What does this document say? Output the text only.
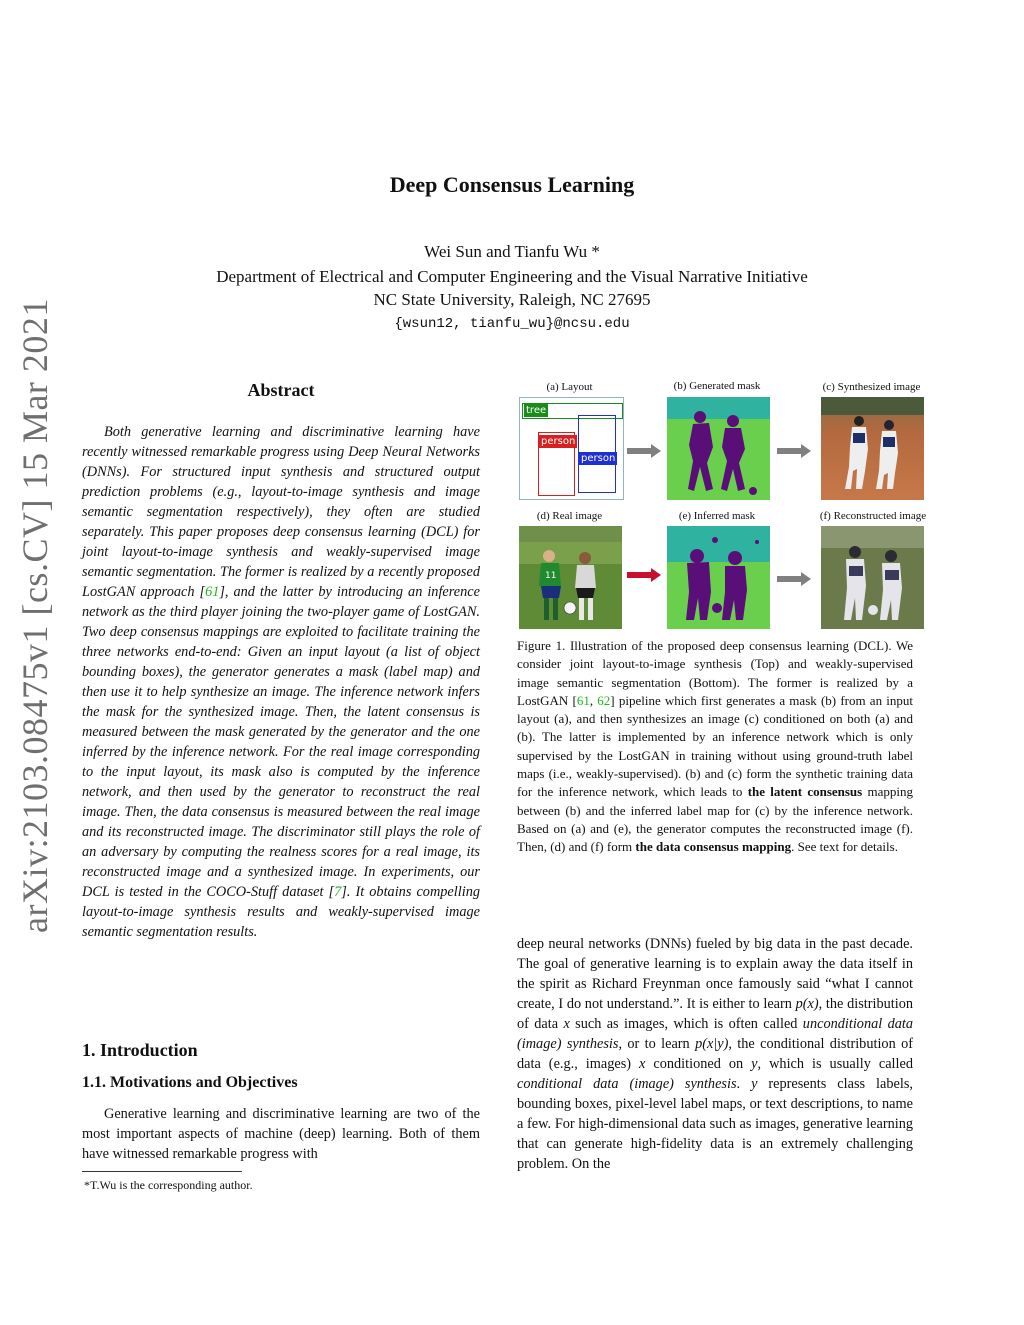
Deep Consensus Learning
Wei Sun and Tianfu Wu *
Department of Electrical and Computer Engineering and the Visual Narrative Initiative
NC State University, Raleigh, NC 27695
{wsun12, tianfu_wu}@ncsu.edu
arXiv:2103.08475v1 [cs.CV] 15 Mar 2021	Abstract
Both generative learning and discriminative learning have recently witnessed remarkable progress using Deep Neural Networks (DNNs). For structured input synthesis and structured output prediction problems (e.g., layout-to-image synthesis and image semantic segmentation respectively), they often are studied separately. This paper proposes deep consensus learning (DCL) for joint layout-to-image synthesis and weakly-supervised image semantic segmentation. The former is realized by a recently proposed LostGAN approach [61], and the latter by introducing an inference network as the third player joining the two-player game of LostGAN. Two deep consensus mappings are exploited to facilitate training the three networks end-to-end: Given an input layout (a list of object bounding boxes), the generator generates a mask (label map) and then use it to help synthesize an image. The inference network infers the mask for the synthesized image. Then, the latent consensus is measured between the mask generated by the generator and the one inferred by the inference network. For the real image corresponding to the input layout, its mask also is computed by the inference network, and then used by the generator to reconstruct the real image. Then, the data consensus is measured between the real image and its reconstructed image. The discriminator still plays the role of an adversary by computing the realness scores for a real image, its reconstructed image and a synthesized image. In experiments, our DCL is tested in the COCO-Stuff dataset [7]. It obtains compelling layout-to-image synthesis results and weakly-supervised image semantic segmentation results.
1. Introduction
1.1. Motivations and Objectives
Generative learning and discriminative learning are two of the most important aspects of machine (deep) learning. Both of them have witnessed remarkable progress with
*T.Wu is the corresponding author.
(a) Layout	(b) Generated mask	(c) Synthesized image
(d) Real image	(e) Inferred mask	(f) Reconstructed image
tree
person
person
11
Figure 1. Illustration of the proposed deep consensus learning (DCL). We consider joint layout-to-image synthesis (Top) and weakly-supervised image semantic segmentation (Bottom). The former is realized by a LostGAN [61, 62] pipeline which first generates a mask (b) from an input layout (a), and then synthesizes an image (c) conditioned on both (a) and (b). The latter is implemented by an inference network which is only supervised by the LostGAN in training without using ground-truth label maps (i.e., weakly-supervised). (b) and (c) form the synthetic training data for the inference network, which leads to the latent consensus mapping between (b) and the inferred label map for (c) by the inference network. Based on (a) and (e), the generator computes the reconstructed image (f). Then, (d) and (f) form the data consensus mapping. See text for details.
deep neural networks (DNNs) fueled by big data in the past decade. The goal of generative learning is to explain away the data itself in the spirit as Richard Freynman once famously said “what I cannot create, I do not understand.”. It is either to learn p(x), the distribution of data x such as images, which is often called unconditional data (image) synthesis, or to learn p(x|y), the conditional distribution of data (e.g., images) x conditioned on y, which is usually called conditional data (image) synthesis. y represents class labels, bounding boxes, pixel-level label maps, or text descriptions, to name a few. For high-dimensional data such as images, generative learning that can generate high-fidelity data is an extremely challenging problem. On the
